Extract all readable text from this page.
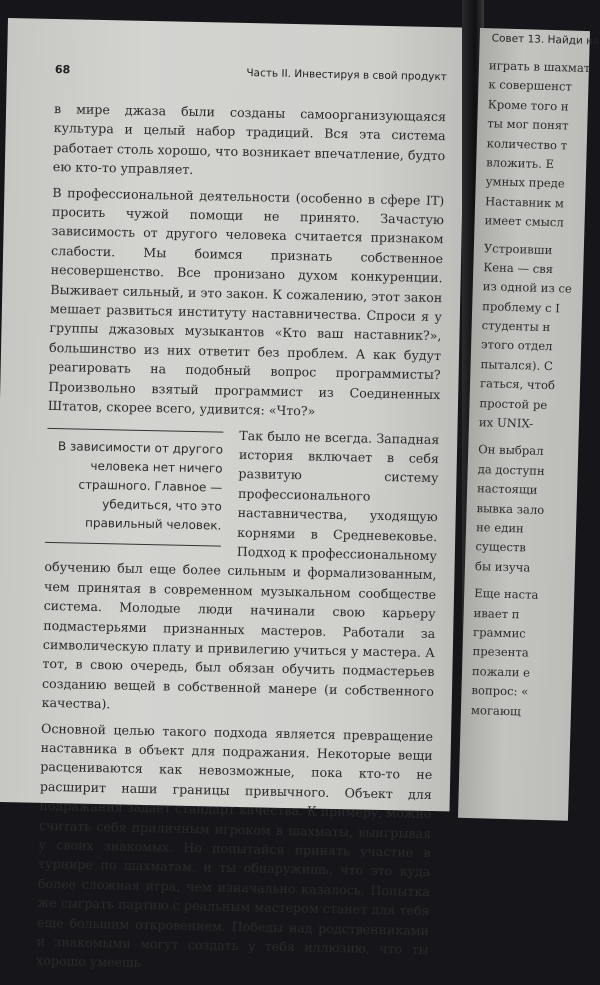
68	Часть II. Инвестируя в свой продукт

в мире джаза были созданы самоорганизующаяся культура и целый набор традиций. Вся эта система работает столь хорошо, что возникает впечатление, будто ею кто-то управляет.

В профессиональной деятельности (особенно в сфере IT) просить чужой помощи не принято. Зачастую зависимость от другого человека считается признаком слабости. Мы боимся признать собственное несовершенство. Все пронизано духом конкуренции. Выживает сильный, и это закон. К сожалению, этот закон мешает развиться институту наставничества. Спроси я у группы джазовых музыкантов «Кто ваш наставник?», большинство из них ответит без проблем. А как будут реагировать на подобный вопрос программисты? Произвольно взятый программист из Соединенных Штатов, скорее всего, удивится: «Что?»

В зависимости от другого человека нет ничего страшного. Главное — убедиться, что это правильный человек.

Так было не всегда. Западная история включает в себя развитую систему профессионального наставничества, уходящую корнями в Средневековье. Подход к профессиональному обучению был еще более сильным и формализованным, чем принятая в современном музыкальном сообществе система. Молодые люди начинали свою карьеру подмастерьями признанных мастеров. Работали за символическую плату и привилегию учиться у мастера. А тот, в свою очередь, был обязан обучить подмастерьев созданию вещей в собственной манере (и собственного качества).

Основной целью такого подхода является превращение наставника в объект для подражания. Некоторые вещи расцениваются как невозможные, пока кто-то не расширит наши границы привычного. Объект для подражания задает стандарт качества. К примеру, можно считать себя приличным игроком в шахматы, выигрывая у своих знакомых. Но попытайся принять участие в турнире по шахматам, и ты обнаружишь, что это куда более сложная игра, чем изначально казалось. Попытка же сыграть партию с реальным мастером станет для тебя еще большим откровением. Победы над родственниками и знакомыми могут создать у тебя иллюзию, что ты хорошо умеешь

Совет 13. Найди на
играть в шахмат
к совершенст
Кроме того н
ты мог понят
количество т
вложить. Е
умных преде
Наставник м
имеет смысл
Устроивши
Кена — свя
из одной из се
проблему с I
студенты н
этого отдел
пытался). С
гаться, чтоб
простой ре
их UNIX-
Он выбрал
да доступн
настоящи
вывка зало
не един
существ
бы изуча
Еще наста
ивает п
граммис
презента
пожали е
вопрос: «
могающ
